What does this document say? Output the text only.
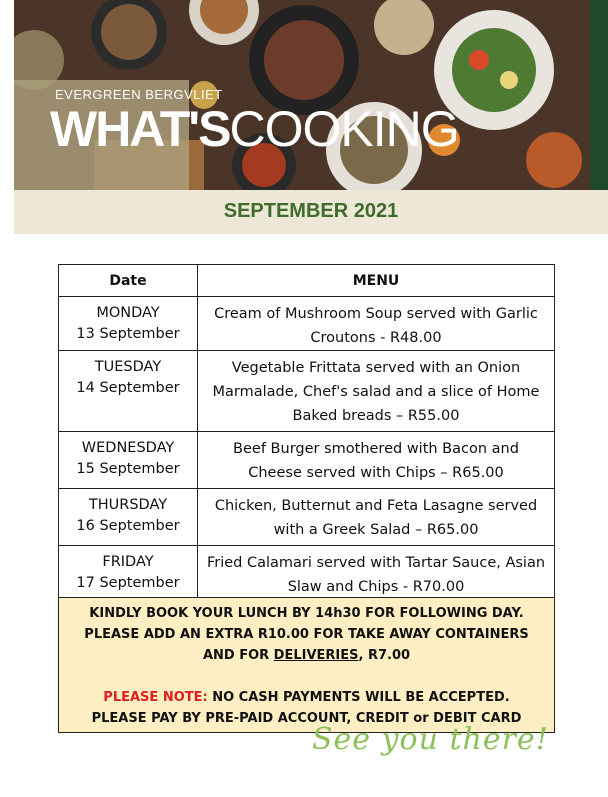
EVERGREEN BERGVLIET
WHAT'SCOOKING
SEPTEMBER 2021
Date	MENU
MONDAY
13 September	Cream of Mushroom Soup served with Garlic Croutons - R48.00
TUESDAY
14 September	Vegetable Frittata served with an Onion Marmalade, Chef's salad and a slice of Home Baked breads – R55.00
WEDNESDAY
15 September	Beef Burger smothered with Bacon and Cheese served with Chips – R65.00
THURSDAY
16 September	Chicken, Butternut and Feta Lasagne served with a Greek Salad – R65.00
FRIDAY
17 September	Fried Calamari served with Tartar Sauce, Asian Slaw and Chips - R70.00
KINDLY BOOK YOUR LUNCH BY 14h30 FOR FOLLOWING DAY.
PLEASE ADD AN EXTRA R10.00 FOR TAKE AWAY CONTAINERS
AND FOR DELIVERIES, R7.00
PLEASE NOTE: NO CASH PAYMENTS WILL BE ACCEPTED.
PLEASE PAY BY PRE-PAID ACCOUNT, CREDIT or DEBIT CARD
See you there!
